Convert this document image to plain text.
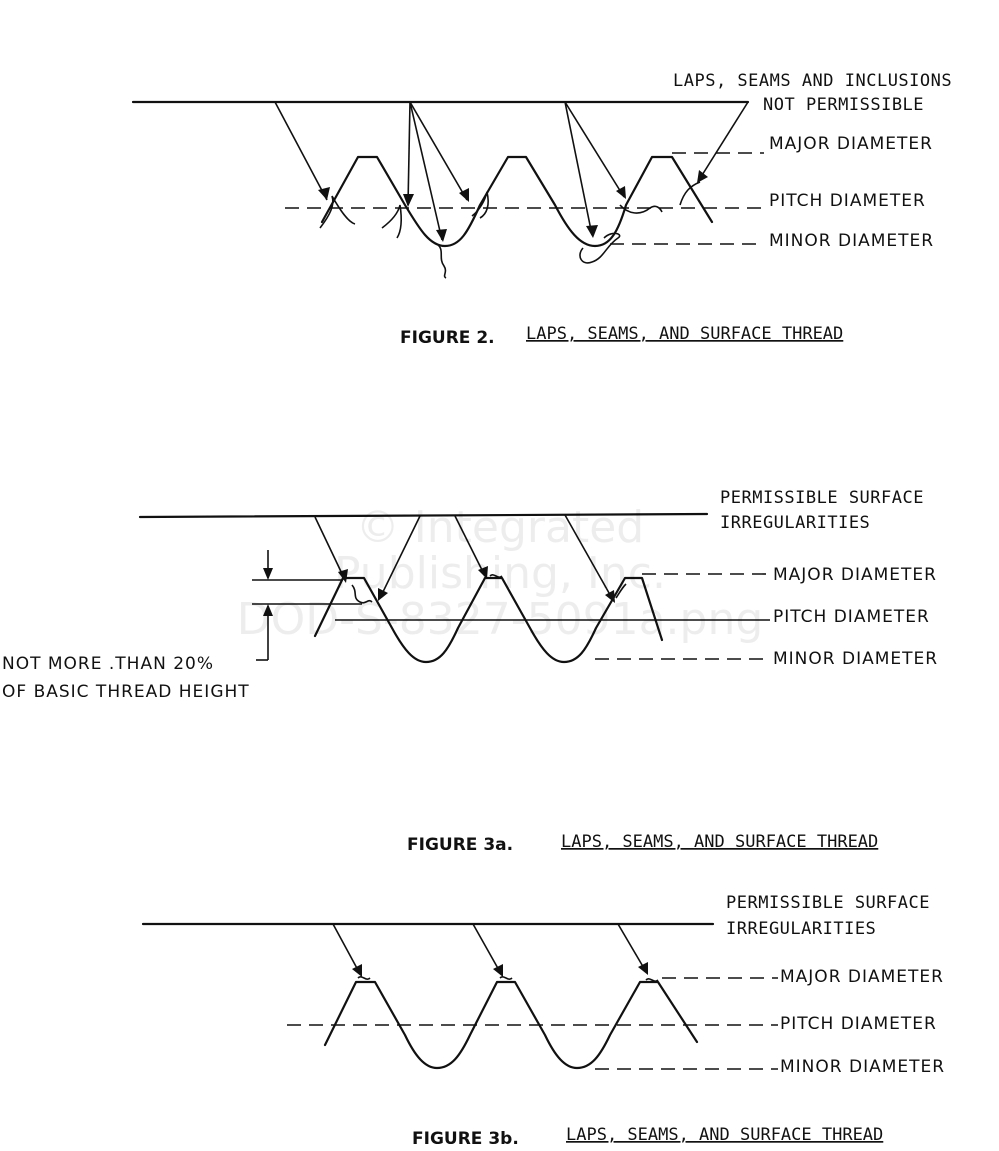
LAPS, SEAMS AND INCLUSIONS
NOT PERMISSIBLE
MAJOR DIAMETER
PITCH DIAMETER
MINOR DIAMETER
FIGURE 2. LAPS, SEAMS, AND SURFACE THREAD
PERMISSIBLE SURFACE
IRREGULARITIES
MAJOR DIAMETER
PITCH DIAMETER
MINOR DIAMETER
NOT MORE .THAN 20%
OF BASIC THREAD HEIGHT
FIGURE 3a.	LAPS, SEAMS, AND SURFACE THREAD
PERMISSIBLE SURFACE
IRREGULARITIES
MAJOR DIAMETER
PITCH DIAMETER
MINOR DIAMETER
FIGURE 3b.	LAPS, SEAMS, AND SURFACE THREAD
© Integrated
Publishing, Inc.
DOD-S-8327-5091a.png
